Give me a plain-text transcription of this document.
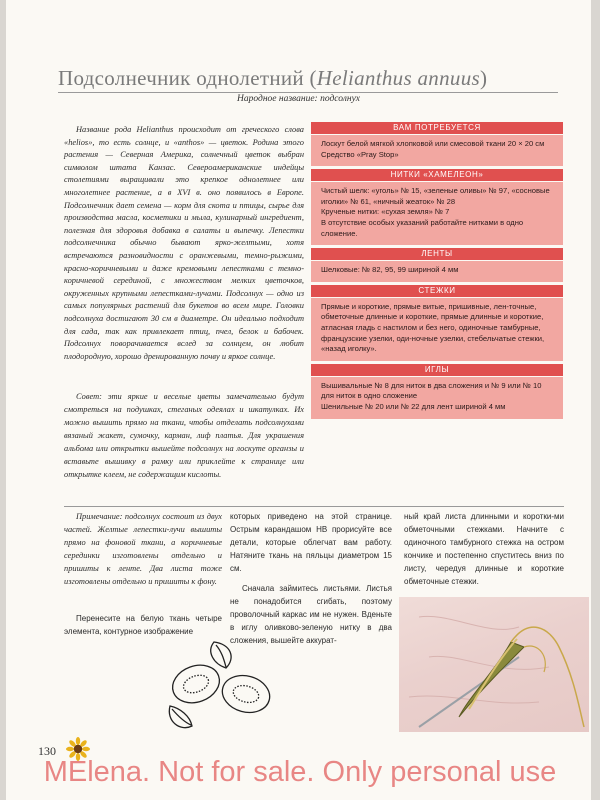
Подсолнечник однолетний (Helianthus annuus)
Народное название: подсолнух

Название рода Helianthus происходит от греческого слова «helios», то есть солнце, и «anthos» — цветок. Родина этого растения — Северная Америка, солнечный цветок выбран символом штата Канзас. Североамериканские индейцы столетиями выращивали это крепкое однолетнее или многолетнее растение, а в XVI в. оно появилось в Европе. Подсолнечник дает семена — корм для скота и птицы, сырье для производства масла, косметики и мыла, кулинарный ингредиент, полезная для здоровья добавка в салаты и выпечку. Лепестки подсолнечника обычно бывают ярко-желтыми, хотя встречаются разновидности с оранжевыми, темно-рыжими, красно-коричневыми и даже кремовыми лепестками с темно-коричневой серединой, с множеством мелких цветочков, окруженных крупными лепестками-лучами. Подсолнух — одно из самых популярных растений для букетов во всем мире. Головки подсолнуха достигают 30 см в диаметре. Он идеально подходит для сада, так как привлекает птиц, пчел, белок и бабочек. Подсолнух поворачивается вслед за солнцем, он любит плодородную, хорошо дренированную почву и яркое солнце.

Совет: эти яркие и веселые цветы замечательно будут смотреться на подушках, стеганых одеялах и шкатулках. Их можно вышить прямо на ткани, чтобы отделать подсолнухами вязаный жакет, сумочку, карман, лиф платья. Для украшения альбома или открытки вышейте подсолнух на лоскуте органзы и вставьте вышивку в рамку или приклейте к странице или открытке клеем, не содержащим кислоты.
ВАМ ПОТРЕБУЕТСЯ
Лоскут белой мягкой хлопковой или смесовой ткани 20 × 20 см
Средство «Pray Stop»
НИТКИ «ХАМЕЛЕОН»
Чистый шелк: «уголь» № 15, «зеленые оливы» № 97, «сосновые иголки» № 61, «ничный жеаток» № 28
Крученые нитки: «сухая земля» № 7
В отсутствие особых указаний работайте нитками в одно сложение.
ЛЕНТЫ
Шелковые: № 82, 95, 99 шириной 4 мм
СТЕЖКИ
Прямые и короткие, прямые витые, пришивные, лен-точные, обметочные длинные и короткие, прямые длинные и короткие, атласная гладь с настилом и без него, одиночные тамбурные, французские узелки, оди-ночные узелки, стебельчатые стежки, «назад иголку».
ИГЛЫ
Вышивальные № 8 для ниток в два сложения и № 9 или № 10 для ниток в одно сложение
Шенильные № 20 или № 22 для лент шириной 4 мм
Примечание: подсолнух состоит из двух частей. Желтые лепестки-лучи вышиты прямо на фоновой ткани, а коричневые серединки изготовлены отдельно и пришиты к ленте. Два листа тоже изготовлены отдельно и пришиты к фону.
Перенесите на белую ткань четыре элемента, контурное изображение

которых приведено на этой странице. Острым карандашом HB прорисуйте все детали, которые облегчат вам работу. Натяните ткань на пяльцы диаметром 15 см.

Сначала займитесь листьями. Листья не понадобится сгибать, поэтому проволочный каркас им не нужен. Вденьте в иглу оливково-зеленую нитку в два сложения, вышейте аккурат-

ный край листа длинными и коротки-ми обметочными стежками. Начните с одиночного тамбурного стежка на остром кончике и постепенно спуститесь вниз по листу, чередуя длинные и короткие обметочные стежки.
130
MElena. Not for sale. Only personal use
